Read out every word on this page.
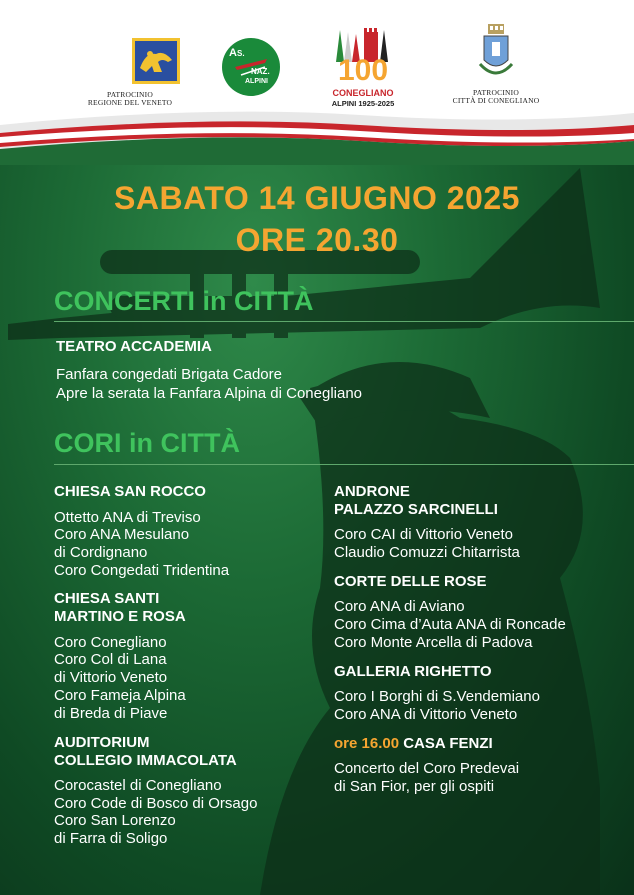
PATROCINIO
REGIONE DEL VENETO
A S.
NAZ.
ALPINI	100
CONEGLIANO
ALPINI 1925-2025
PATROCINIO
CITTÀ DI CONEGLIANO
SABATO 14 GIUGNO 2025
ORE 20.30
CONCERTI in CITTÀ
TEATRO ACCADEMIA
Fanfara congedati Brigata Cadore
Apre la serata la Fanfara Alpina di Conegliano
CORI in CITTÀ
CHIESA SAN ROCCO
Ottetto ANA di Treviso
Coro ANA Mesulano
di Cordignano
Coro Congedati Tridentina
CHIESA SANTI
MARTINO E ROSA
Coro Conegliano
Coro Col di Lana
di Vittorio Veneto
Coro Fameja Alpina
di Breda di Piave
AUDITORIUM
COLLEGIO IMMACOLATA
Corocastel di Conegliano
Coro Code di Bosco di Orsago
Coro San Lorenzo
di Farra di Soligo
ANDRONE
PALAZZO SARCINELLI
Coro CAI di Vittorio Veneto
Claudio Comuzzi Chitarrista
CORTE DELLE ROSE
Coro ANA di Aviano
Coro Cima d’Auta ANA di Roncade
Coro Monte Arcella di Padova
GALLERIA RIGHETTO
Coro I Borghi di S.Vendemiano
Coro ANA di Vittorio Veneto
ore 16.00 CASA FENZI
Concerto del Coro Predevai
di San Fior, per gli ospiti
